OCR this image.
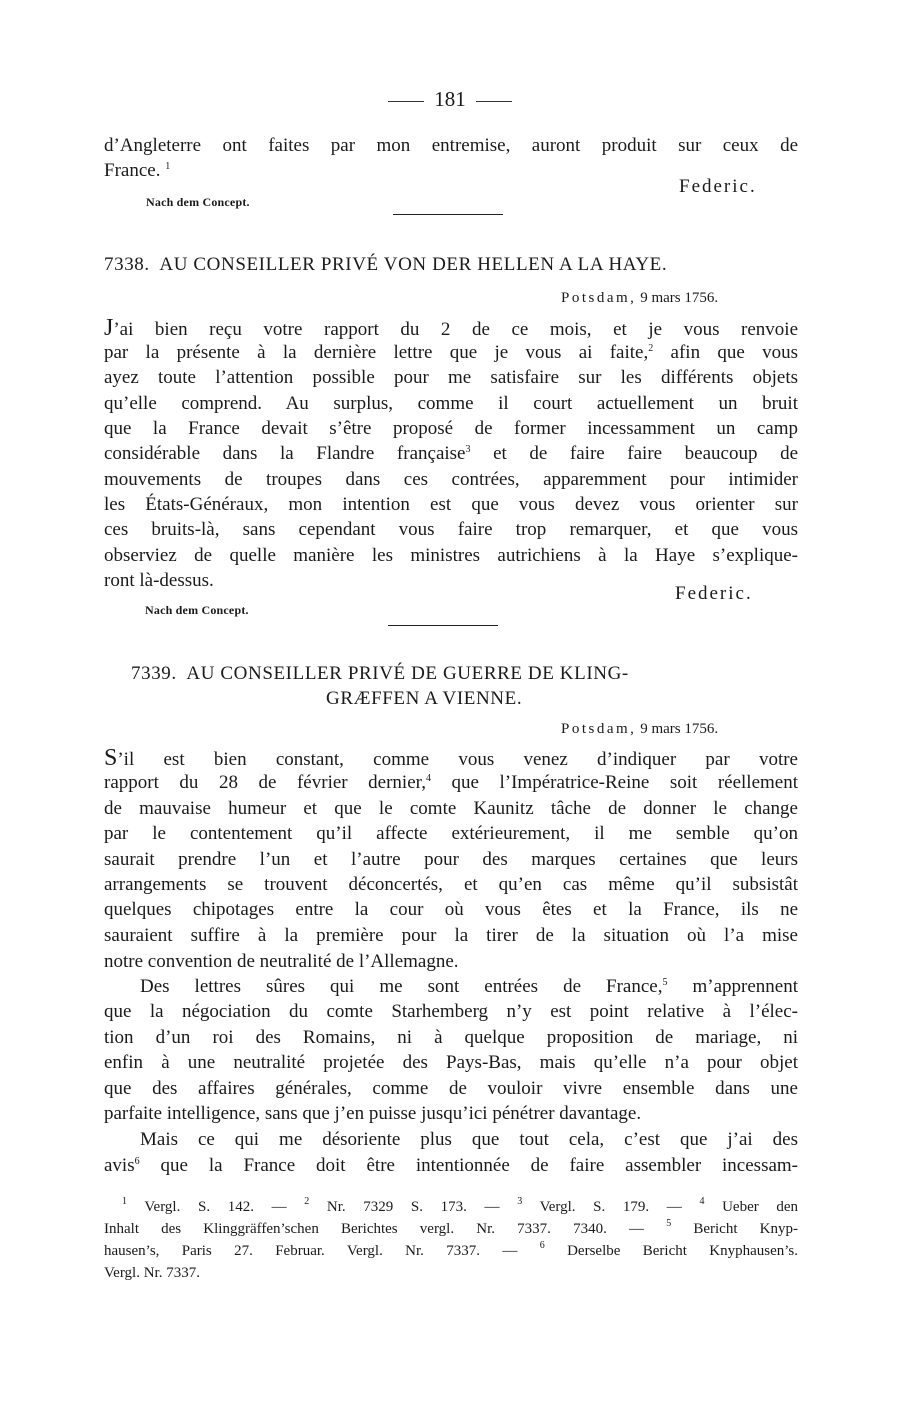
181
d’Angleterre ont faites par mon entremise, auront produit sur ceux de
France. $^1$
Federic.
Nach dem Concept.
7338. AU CONSEILLER PRIVÉ VON DER HELLEN A LA HAYE.
Potsdam, 9 mars 1756.
J’ai bien reçu votre rapport du 2 de ce mois, et je vous renvoie
par la présente à la dernière lettre que je vous ai faite,$^2$ afin que vous
ayez toute l’attention possible pour me satisfaire sur les différents objets
qu’elle comprend. Au surplus, comme il court actuellement un bruit
que la France devait s’être proposé de former incessamment un camp
considérable dans la Flandre française$^3$ et de faire faire beaucoup de
mouvements de troupes dans ces contrées, apparemment pour intimider
les États-Généraux, mon intention est que vous devez vous orienter sur
ces bruits-là, sans cependant vous faire trop remarquer, et que vous
observiez de quelle manière les ministres autrichiens à la Haye s’explique-
ront là-dessus.
Federic.
Nach dem Concept.
7339. AU CONSEILLER PRIVÉ DE GUERRE DE KLING-
GRÆFFEN A VIENNE.
Potsdam, 9 mars 1756.
S’il est bien constant, comme vous venez d’indiquer par votre
rapport du 28 de février dernier,$^4$ que l’Impératrice-Reine soit réellement
de mauvaise humeur et que le comte Kaunitz tâche de donner le change
par le contentement qu’il affecte extérieurement, il me semble qu’on
saurait prendre l’un et l’autre pour des marques certaines que leurs
arrangements se trouvent déconcertés, et qu’en cas même qu’il subsistât
quelques chipotages entre la cour où vous êtes et la France, ils ne
sauraient suffire à la première pour la tirer de la situation où l’a mise
notre convention de neutralité de l’Allemagne.
Des lettres sûres qui me sont entrées de France,$^5$ m’apprennent
que la négociation du comte Starhemberg n’y est point relative à l’élec-
tion d’un roi des Romains, ni à quelque proposition de mariage, ni
enfin à une neutralité projetée des Pays-Bas, mais qu’elle n’a pour objet
que des affaires générales, comme de vouloir vivre ensemble dans une
parfaite intelligence, sans que j’en puisse jusqu’ici pénétrer davantage.
Mais ce qui me désoriente plus que tout cela, c’est que j’ai des
avis$^6$ que la France doit être intentionnée de faire assembler incessam-
$^1$ Vergl. S. 142. — $^2$ Nr. 7329 S. 173. — $^3$ Vergl. S. 179. — $^4$ Ueber den
Inhalt des Klinggräffen’schen Berichtes vergl. Nr. 7337. 7340. — $^5$ Bericht Knyp-
hausen’s, Paris 27. Februar. Vergl. Nr. 7337. — $^6$ Derselbe Bericht Knyphausen’s.
Vergl. Nr. 7337.
